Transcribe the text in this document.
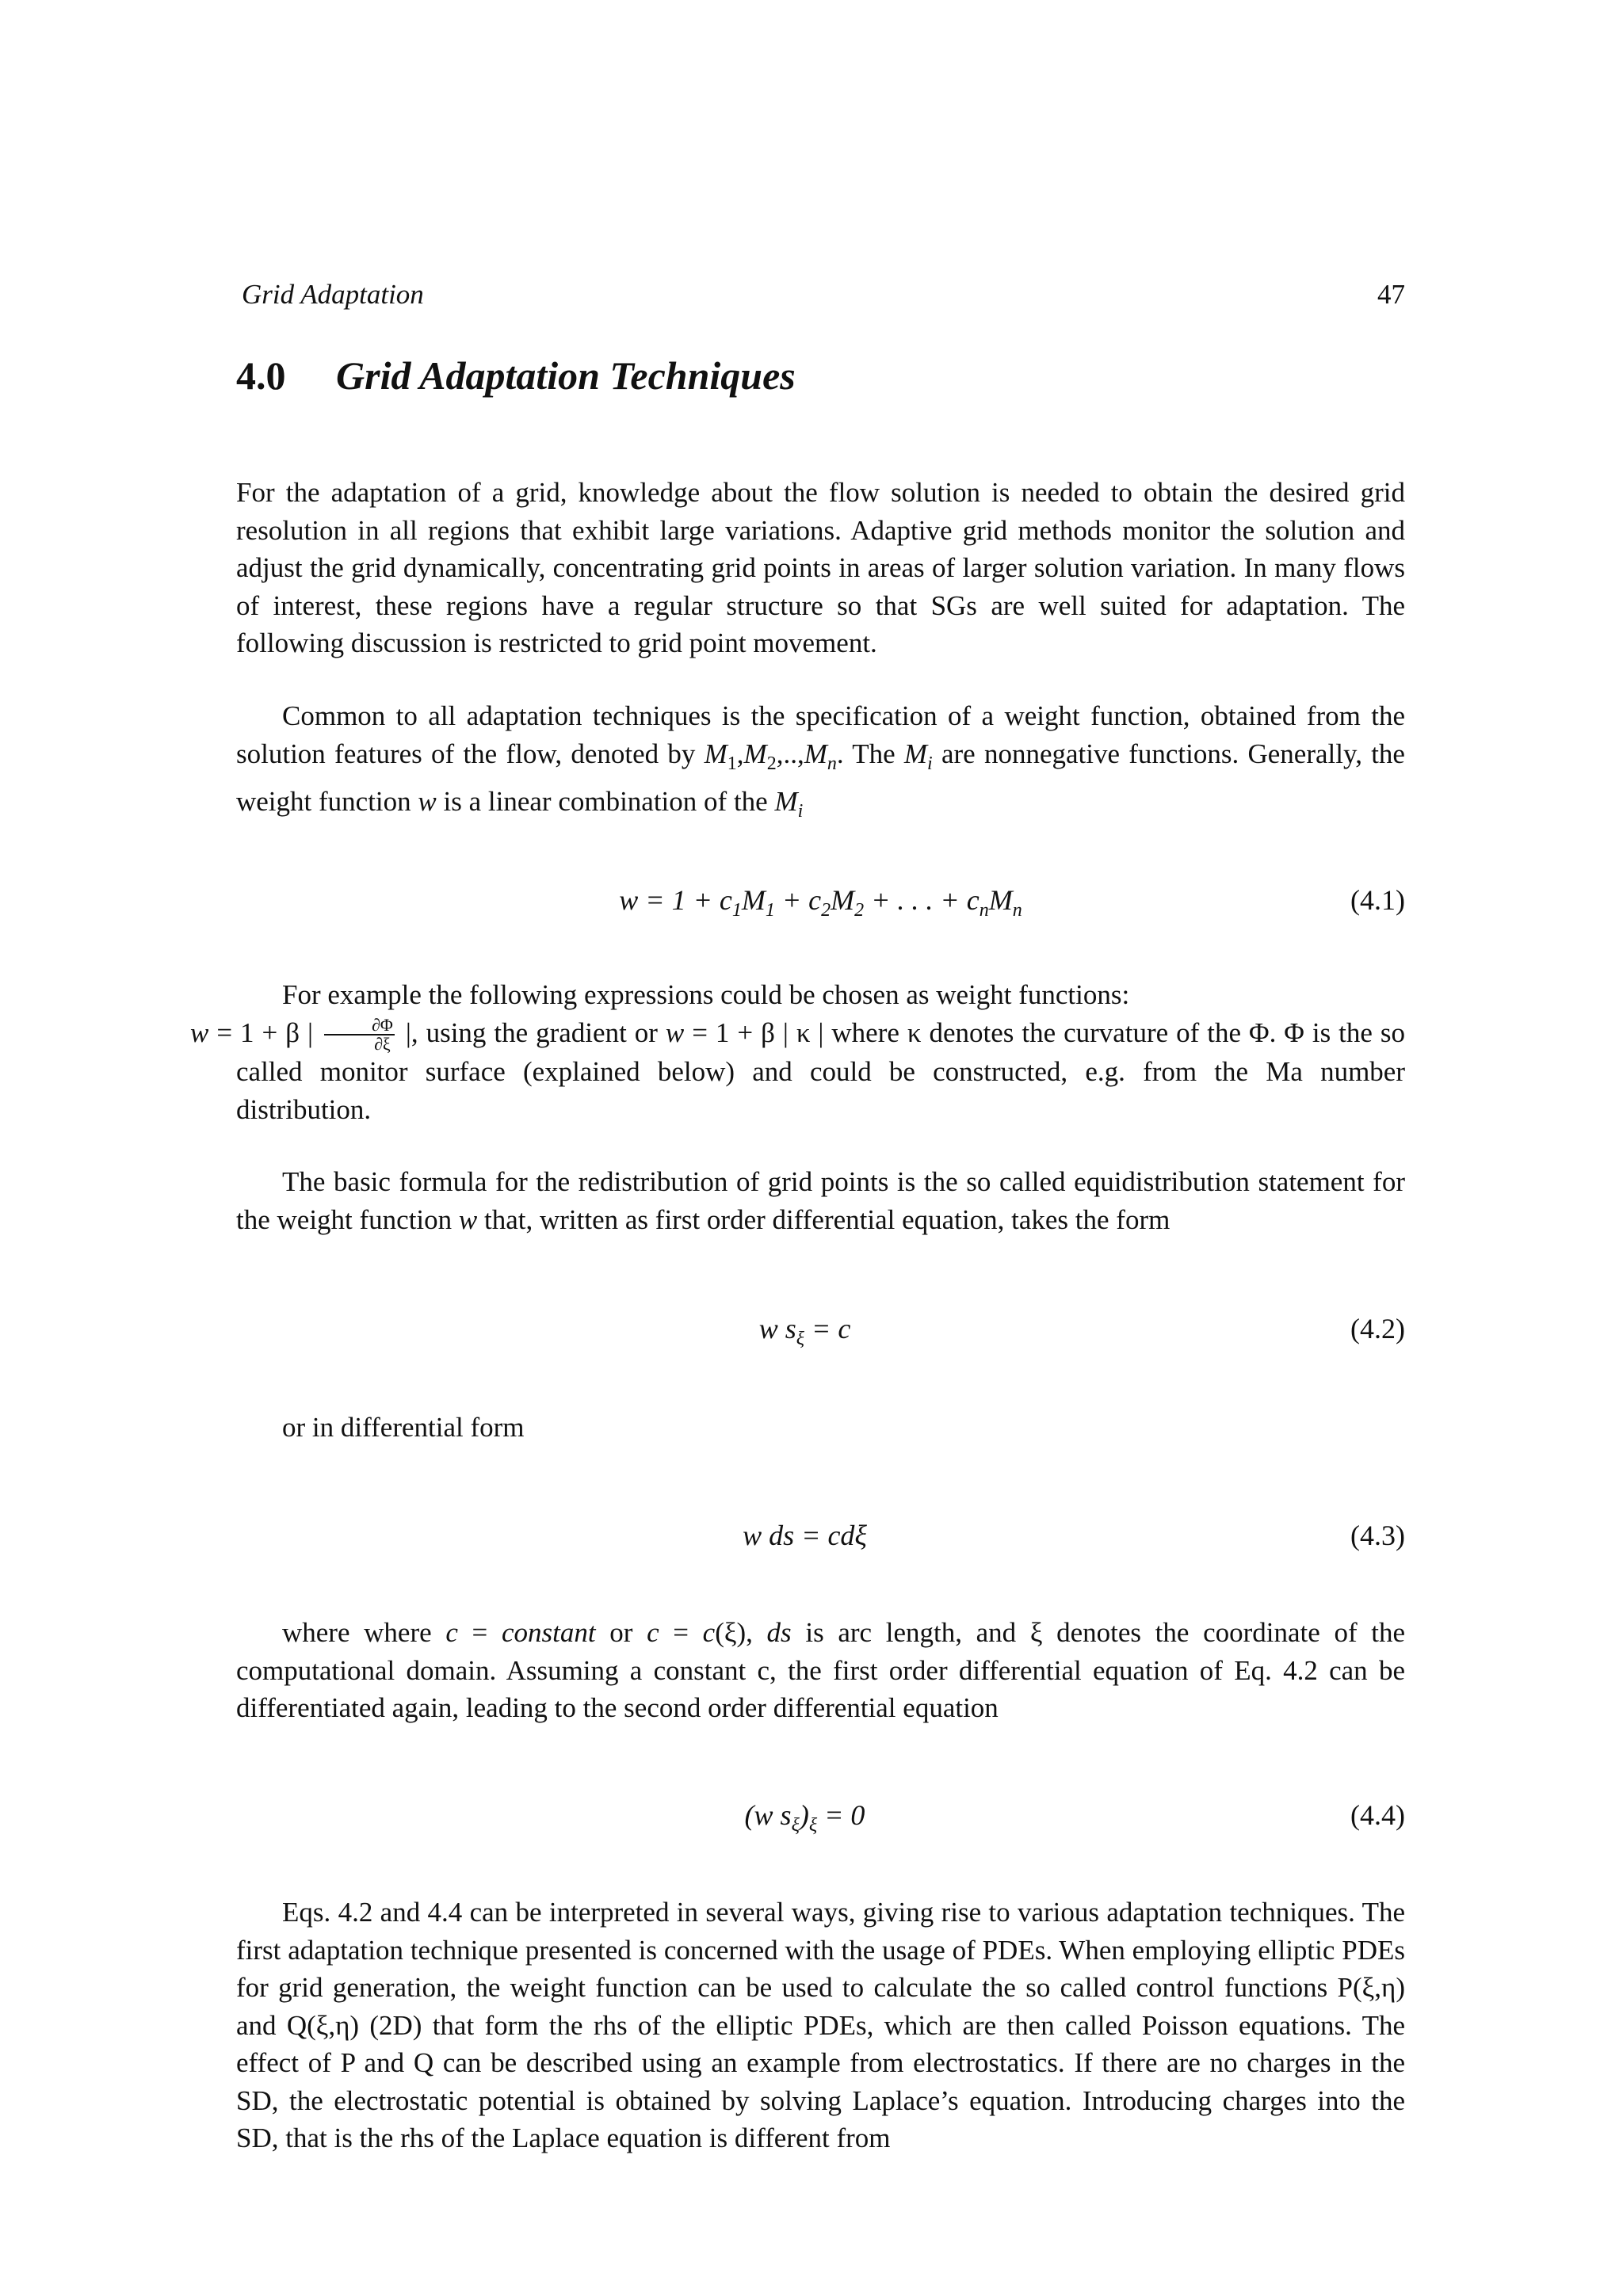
Grid Adaptation	47
4.0 Grid Adaptation Techniques

For the adaptation of a grid, knowledge about the flow solution is needed to obtain the desired grid resolution in all regions that exhibit large variations. Adaptive grid methods monitor the solution and adjust the grid dynamically, concentrating grid points in areas of larger solution variation. In many flows of interest, these regions have a regular structure so that SGs are well suited for adaptation. The following discussion is restricted to grid point movement.

Common to all adaptation techniques is the specification of a weight function, obtained from the solution features of the flow, denoted by $M_1,M_2,..,M_n$. The $M_i$ are nonnegative functions. Generally, the weight function w is a linear combination of the $M_i$

$w = 1 + c_1M_1 + c_2M_2$ + . . . + $c_nM_n$	(4.1)

For example the following expressions could be chosen as weight functions:
w = 1 + β | $\frac{\partial\Phi}{\partial\xi}$ |, using the gradient or w = 1 + β | κ | where κ denotes the curvature of the Φ. Φ is the so called monitor surface (explained below) and could be constructed, e.g. from the Ma number distribution.

The basic formula for the redistribution of grid points is the so called equidistribution statement for the weight function w that, written as first order differential equation, takes the form

w $s_\xi = c$	(4.2)

or in differential form

w ds = cdξ	(4.3)

where where c = constant or c = c(ξ), ds is arc length, and ξ denotes the coordinate of the computational domain. Assuming a constant c, the first order differential equation of Eq. 4.2 can be differentiated again, leading to the second order differential equation

(w $s_\xi)_\xi = 0$	(4.4)

Eqs. 4.2 and 4.4 can be interpreted in several ways, giving rise to various adaptation techniques. The first adaptation technique presented is concerned with the usage of PDEs. When employing elliptic PDEs for grid generation, the weight function can be used to calculate the so called control functions P(ξ,η) and Q(ξ,η) (2D) that form the rhs of the elliptic PDEs, which are then called Poisson equations. The effect of P and Q can be described using an example from electrostatics. If there are no charges in the SD, the electrostatic potential is obtained by solving Laplace’s equation. Introducing charges into the SD, that is the rhs of the Laplace equation is different from
